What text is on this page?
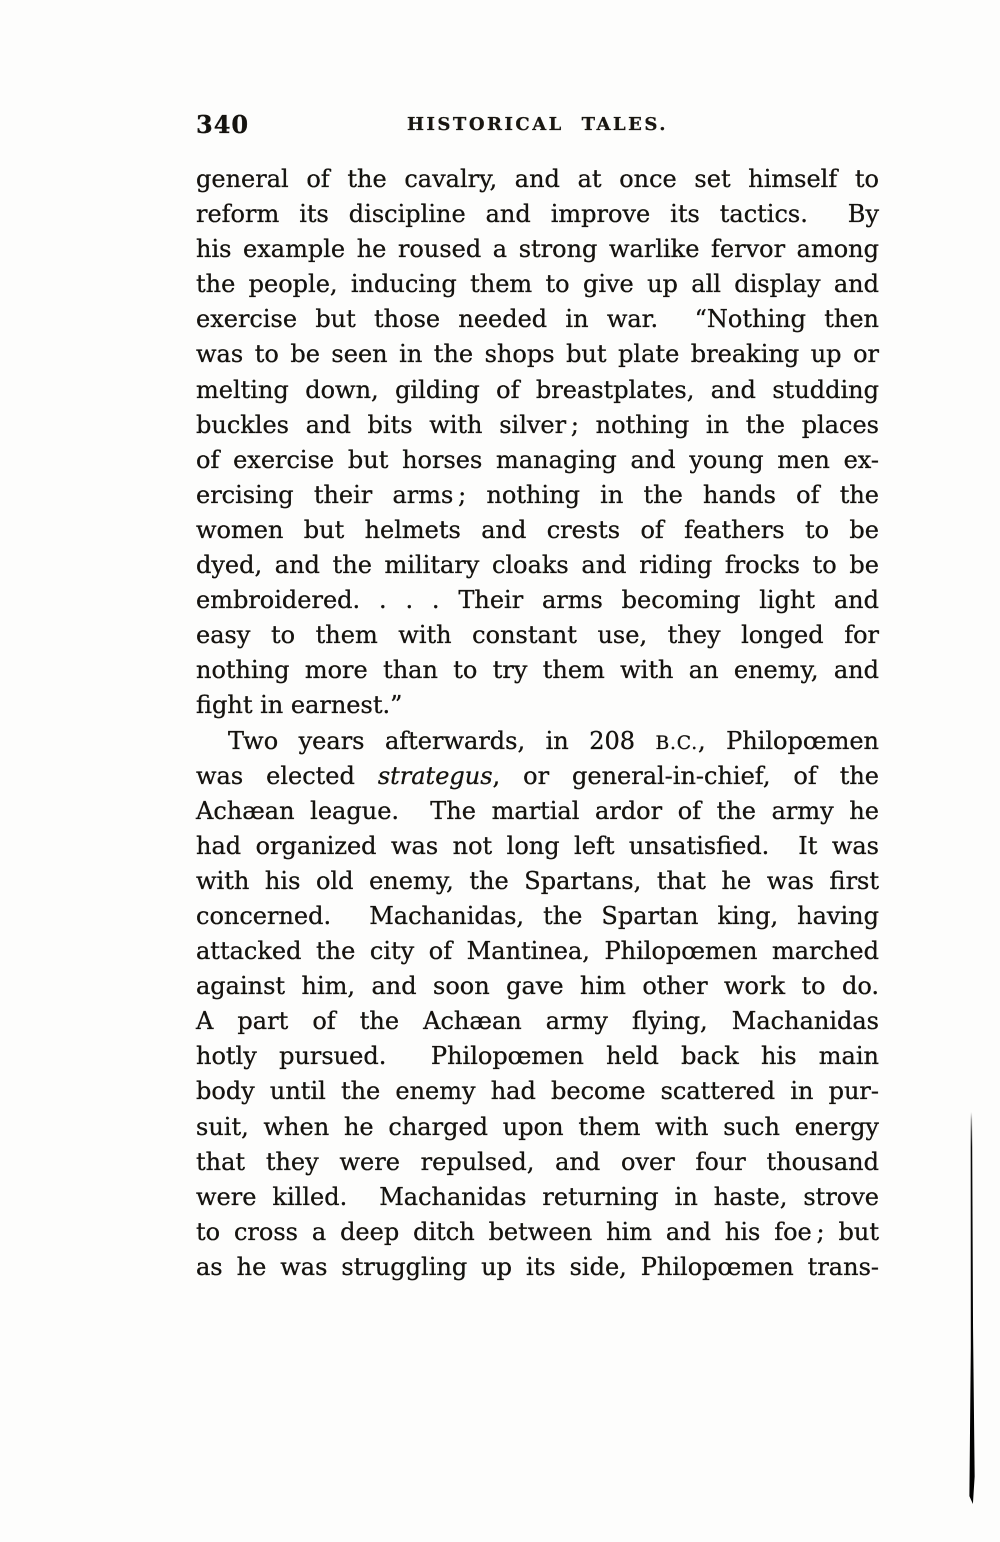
340	HISTORICAL TALES.
general of the cavalry, and at once set himself to
reform its discipline and improve its tactics.  By
his example he roused a strong warlike fervor among
the people, inducing them to give up all display and
exercise but those needed in war.  “Nothing then
was to be seen in the shops but plate breaking up or
melting down, gilding of breastplates, and studding
buckles and bits with silver ; nothing in the places
of exercise but horses managing and young men ex-
ercising their arms ; nothing in the hands of the
women but helmets and crests of feathers to be
dyed, and the military cloaks and riding frocks to be
embroidered. . . . Their arms becoming light and
easy to them with constant use, they longed for
nothing more than to try them with an enemy, and
fight in earnest.”
Two years afterwards, in 208 B.C., Philopœmen
was elected strategus, or general-in-chief, of the
Achæan league.  The martial ardor of the army he
had organized was not long left unsatisfied.  It was
with his old enemy, the Spartans, that he was first
concerned.  Machanidas, the Spartan king, having
attacked the city of Mantinea, Philopœmen marched
against him, and soon gave him other work to do.
A part of the Achæan army flying, Machanidas
hotly pursued.  Philopœmen held back his main
body until the enemy had become scattered in pur-
suit, when he charged upon them with such energy
that they were repulsed, and over four thousand
were killed.  Machanidas returning in haste, strove
to cross a deep ditch between him and his foe ; but
as he was struggling up its side, Philopœmen trans-
